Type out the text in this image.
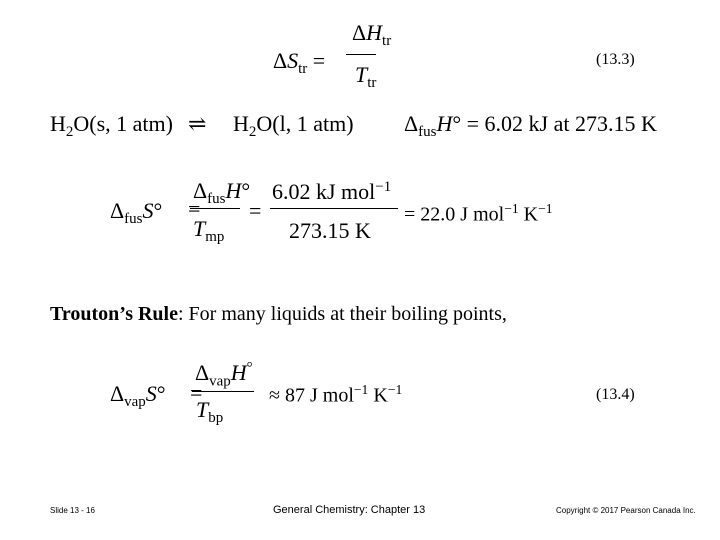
$\Delta S_{tr}$ =
$\Delta H_{tr}$
$T_{tr}$
(13.3)
$H_2O(s$, 1 atm) ⇌ $H_2O(l$, 1 atm) $\Delta_{fus}H^\circ = 6.02$ kJ at 273.15 K
$\Delta_{fus}S^\circ$ =
$\Delta_{fus}H^\circ$
$T_{mp}$
=
6.02 kJ mol$^{-1}$
273.15 K
= 22.0 J mol$^{-1}$ $K^{-1}$
Trouton’s Rule: For many liquids at their boiling points,
$\Delta_{vap}S^\circ$ =
$\Delta_{vap}H^\circ$
$T_{bp}$
≈ 87 J mol$^{-1}$ $K^{-1}$	(13.4)
Slide 13 - 16	General Chemistry: Chapter 13	Copyright © 2017 Pearson Canada Inc.
